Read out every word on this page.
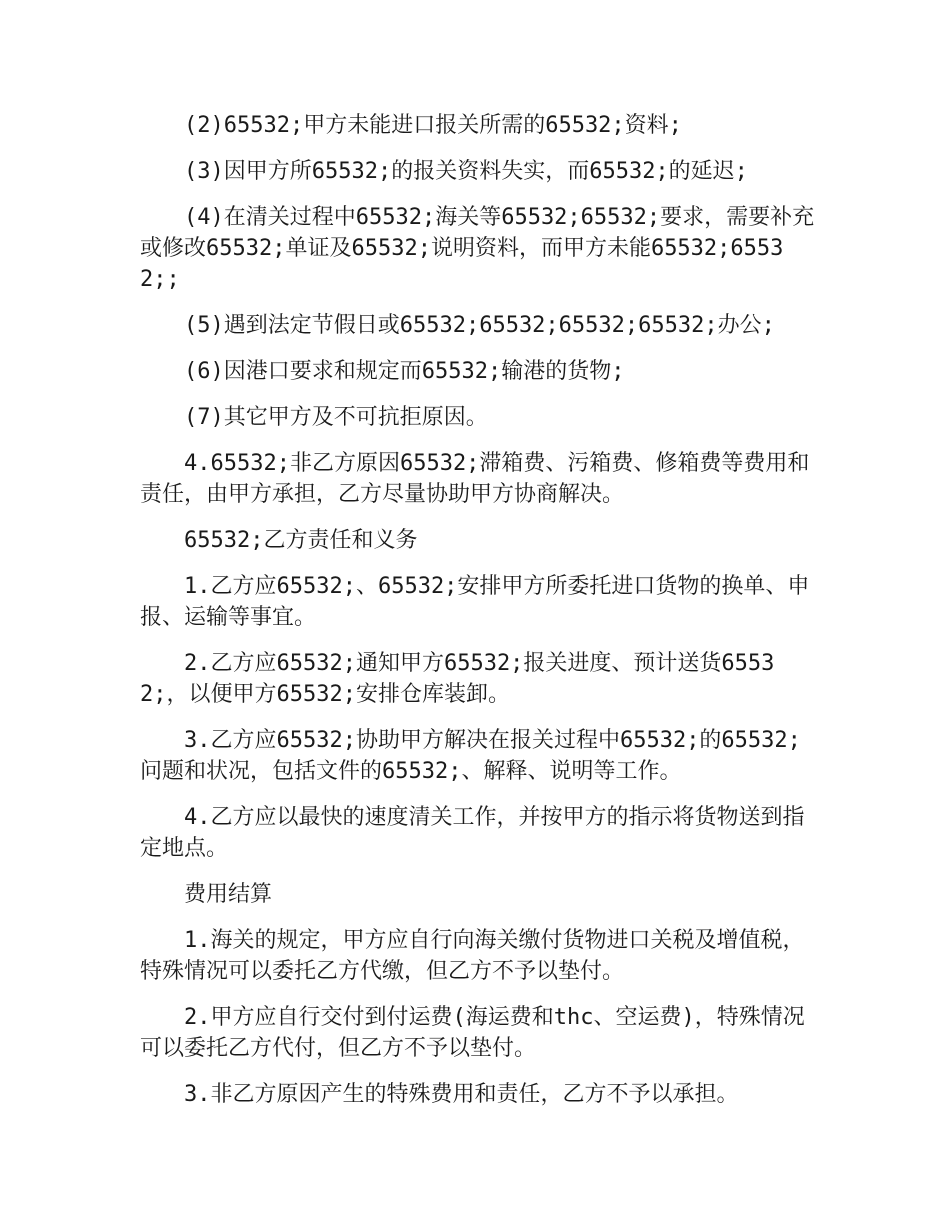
(2)65532;甲方未能进口报关所需的65532;资料;

(3)因甲方所65532;的报关资料失实，而65532;的延迟;

(4)在清关过程中65532;海关等65532;65532;要求，需要补充或修改65532;单证及65532;说明资料，而甲方未能65532;65532;;

(5)遇到法定节假日或65532;65532;65532;65532;办公;

(6)因港口要求和规定而65532;输港的货物;

(7)其它甲方及不可抗拒原因。

4.65532;非乙方原因65532;滞箱费、污箱费、修箱费等费用和责任，由甲方承担，乙方尽量协助甲方协商解决。

65532;乙方责任和义务

1.乙方应65532;、65532;安排甲方所委托进口货物的换单、申报、运输等事宜。

2.乙方应65532;通知甲方65532;报关进度、预计送货65532;，以便甲方65532;安排仓库装卸。

3.乙方应65532;协助甲方解决在报关过程中65532;的65532;问题和状况，包括文件的65532;、解释、说明等工作。

4.乙方应以最快的速度清关工作，并按甲方的指示将货物送到指定地点。

费用结算

1.海关的规定，甲方应自行向海关缴付货物进口关税及增值税，特殊情况可以委托乙方代缴，但乙方不予以垫付。

2.甲方应自行交付到付运费(海运费和thc、空运费)，特殊情况可以委托乙方代付，但乙方不予以垫付。

3.非乙方原因产生的特殊费用和责任，乙方不予以承担。
